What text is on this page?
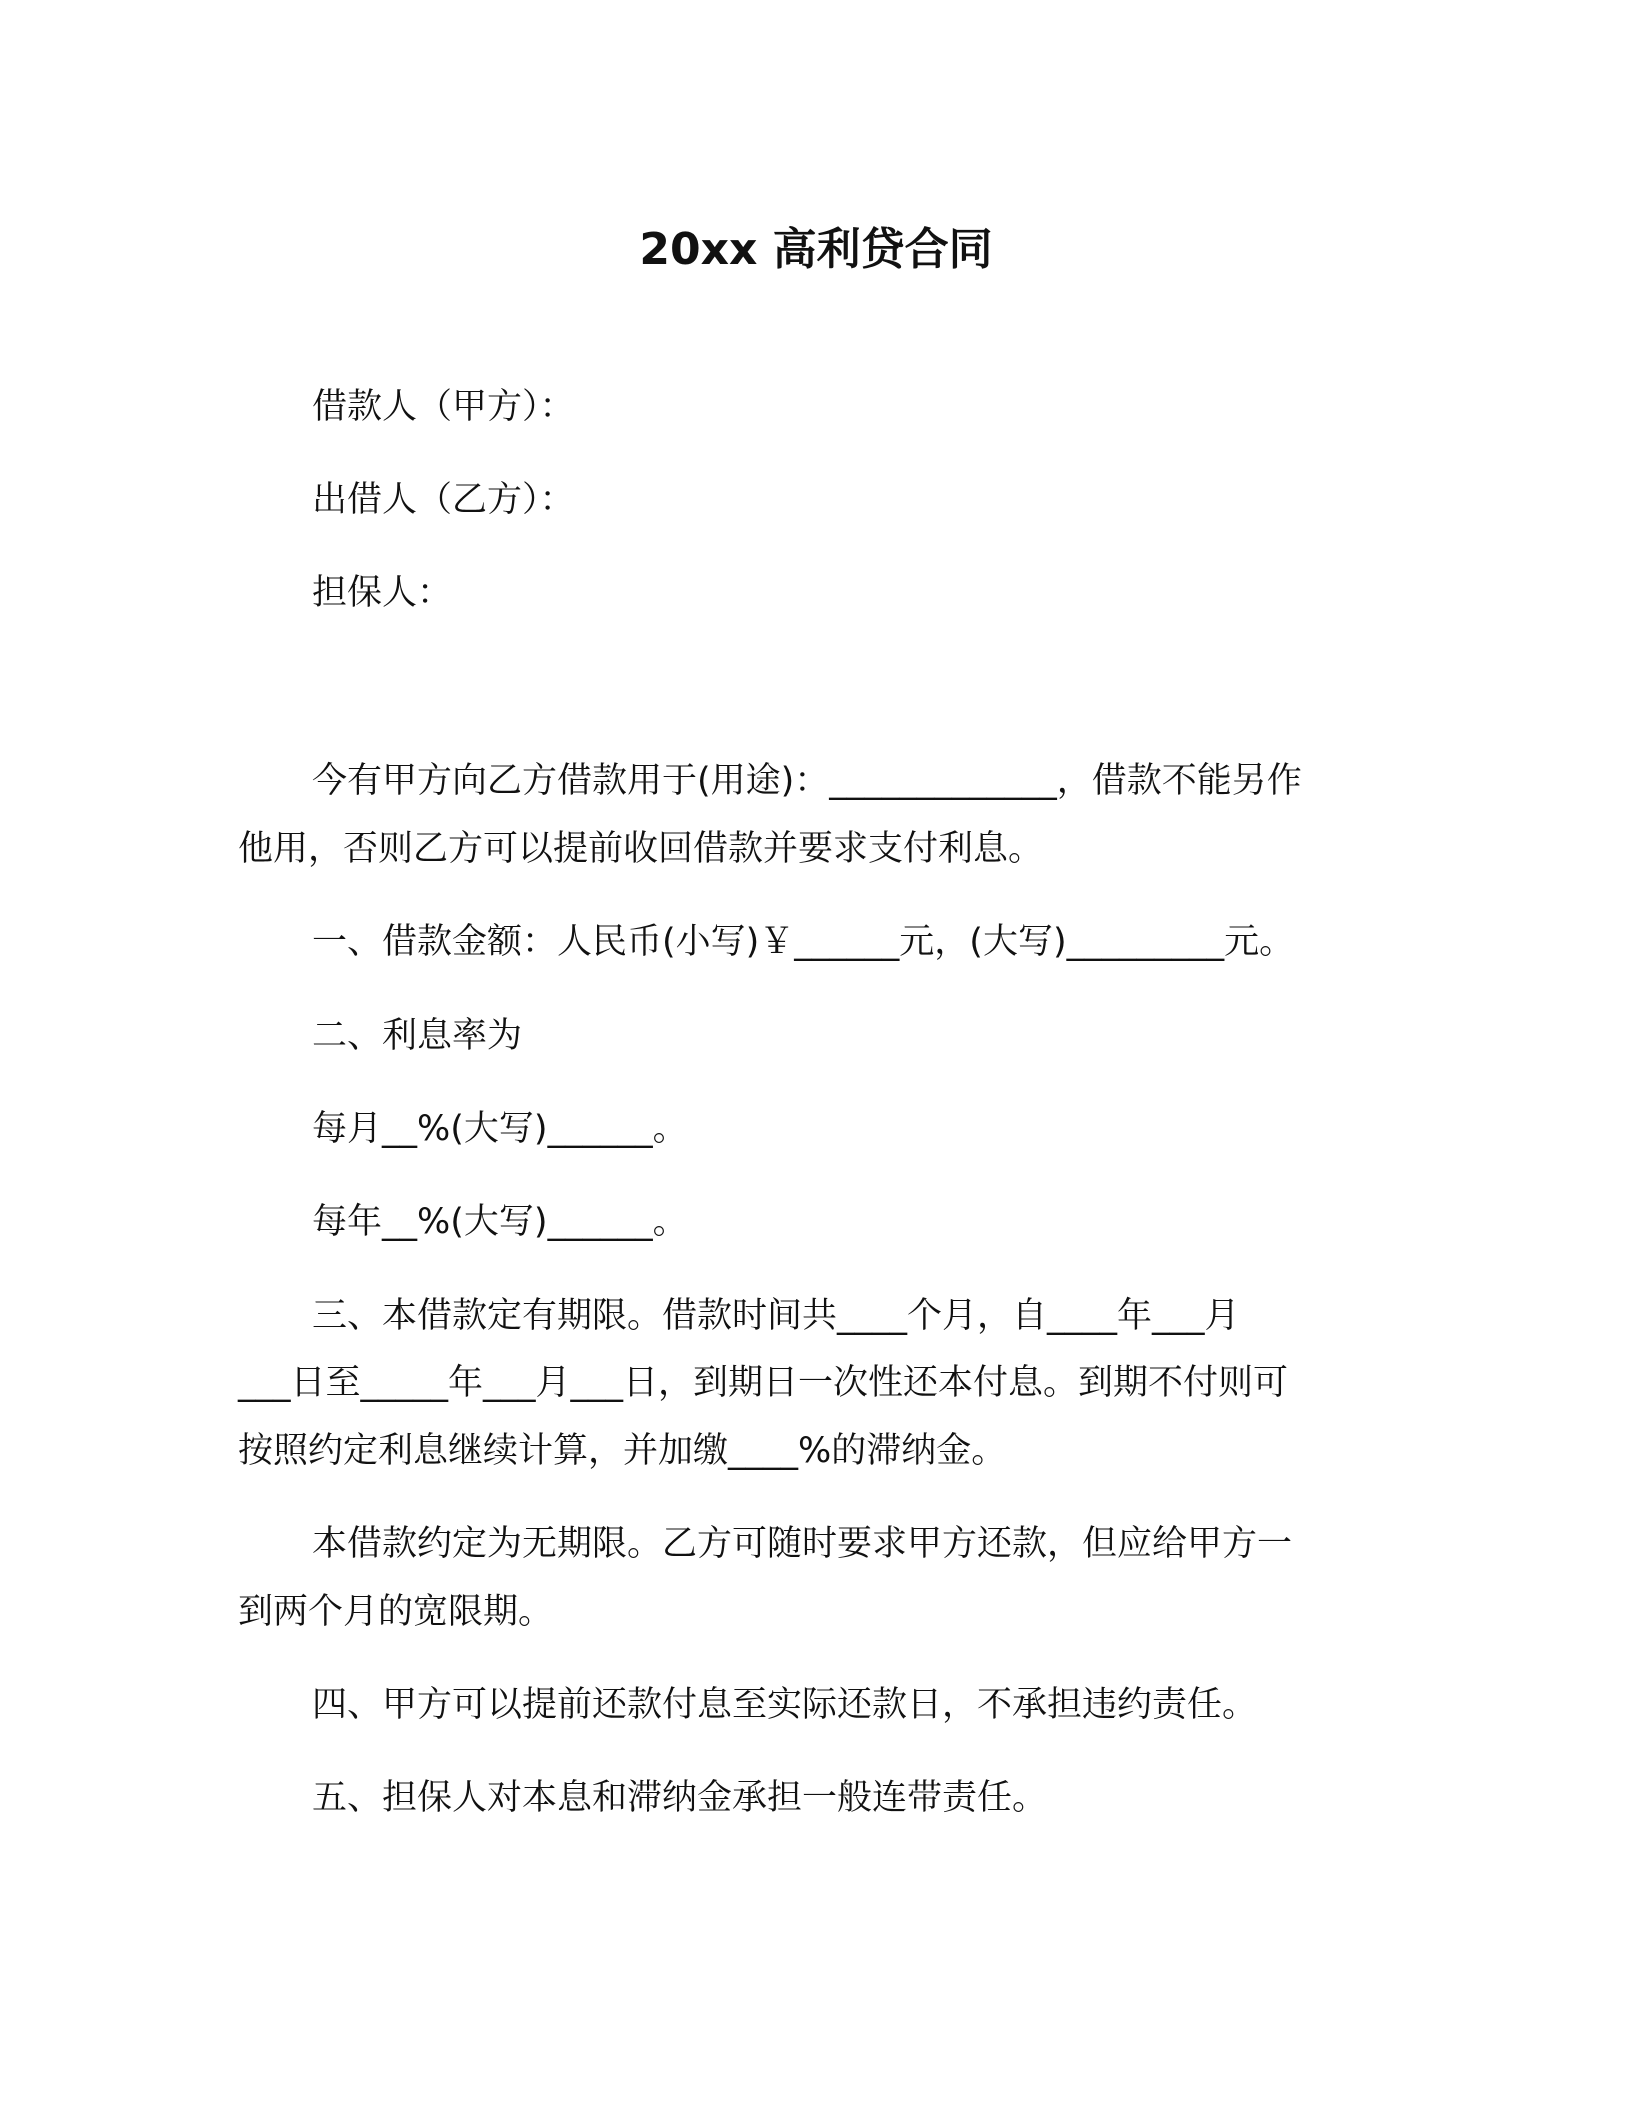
20xx 高利贷合同
借款人（甲方）：
出借人（乙方）：
担保人：
今有甲方向乙方借款用于(用途)：_____________，借款不能另作
他用，否则乙方可以提前收回借款并要求支付利息。
一、借款金额：人民币(小写)￥______元，(大写)_________元。
二、利息率为
每月__%(大写)______。
每年__%(大写)______。
三、本借款定有期限。借款时间共____个月，自____年___月
___日至_____年___月___日，到期日一次性还本付息。到期不付则可
按照约定利息继续计算，并加缴____%的滞纳金。
本借款约定为无期限。乙方可随时要求甲方还款，但应给甲方一
到两个月的宽限期。
四、甲方可以提前还款付息至实际还款日，不承担违约责任。
五、担保人对本息和滞纳金承担一般连带责任。
